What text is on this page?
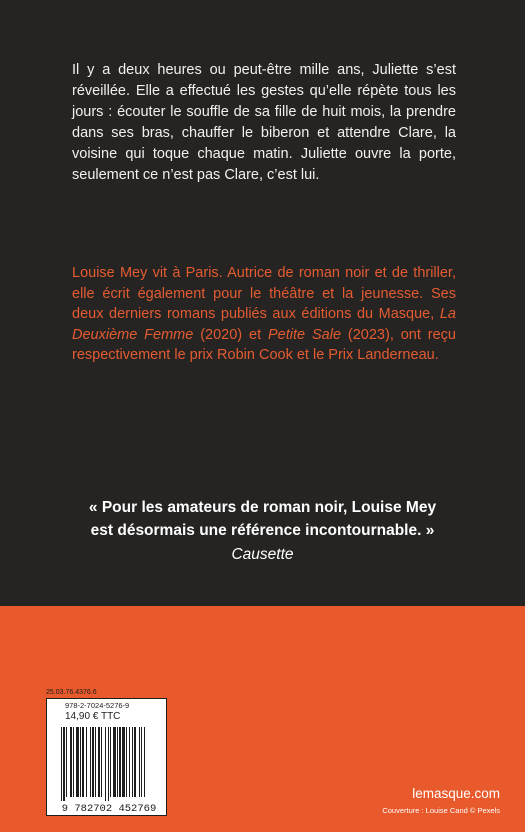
Il y a deux heures ou peut-être mille ans, Juliette s’est réveillée. Elle a effectué les gestes qu’elle répète tous les jours : écouter le souffle de sa fille de huit mois, la prendre dans ses bras, chauffer le biberon et attendre Clare, la voisine qui toque chaque matin. Juliette ouvre la porte, seulement ce n’est pas Clare, c’est lui.

Louise Mey vit à Paris. Autrice de roman noir et de thriller, elle écrit également pour le théâtre et la jeunesse. Ses deux derniers romans publiés aux éditions du Masque, La Deuxième Femme (2020) et Petite Sale (2023), ont reçu respectivement le prix Robin Cook et le Prix Landerneau.

« Pour les amateurs de roman noir, Louise Mey
est désormais une référence incontournable. »
Causette
25.03.76.4376.6
978-2-7024-5276-9
14,90 € TTC
9 782702 452769
lemasque.com
Couverture : Louise Cand © Pexels
